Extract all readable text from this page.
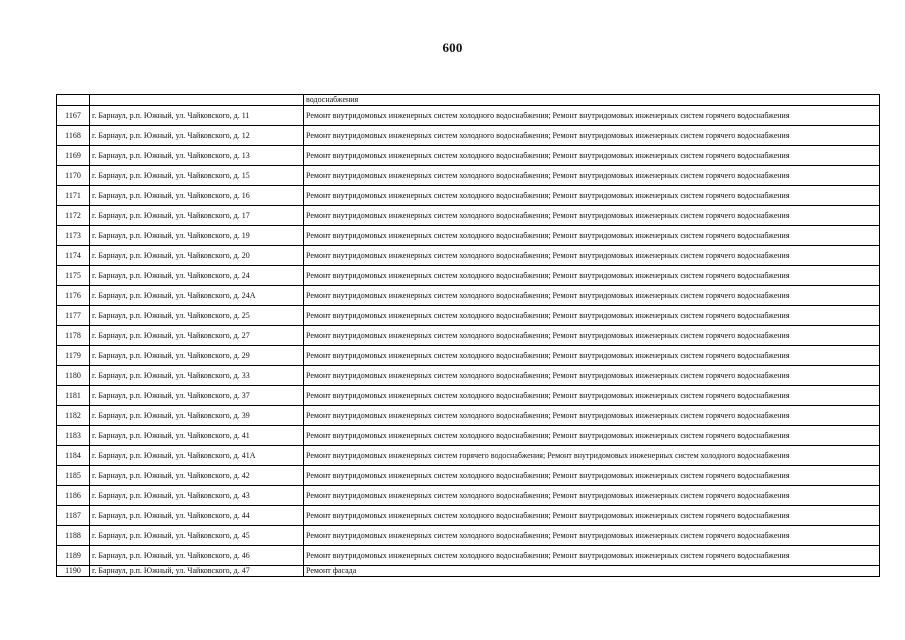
600
		водоснабжения
1167	г. Барнаул, р.п. Южный, ул. Чайковского, д. 11	Ремонт внутридомовых инженерных систем холодного водоснабжения; Ремонт внутридомовых инженерных систем горячего водоснабжения
1168	г. Барнаул, р.п. Южный, ул. Чайковского, д. 12	Ремонт внутридомовых инженерных систем холодного водоснабжения; Ремонт внутридомовых инженерных систем горячего водоснабжения
1169	г. Барнаул, р.п. Южный, ул. Чайковского, д. 13	Ремонт внутридомовых инженерных систем холодного водоснабжения; Ремонт внутридомовых инженерных систем горячего водоснабжения
1170	г. Барнаул, р.п. Южный, ул. Чайковского, д. 15	Ремонт внутридомовых инженерных систем холодного водоснабжения; Ремонт внутридомовых инженерных систем горячего водоснабжения
1171	г. Барнаул, р.п. Южный, ул. Чайковского, д. 16	Ремонт внутридомовых инженерных систем холодного водоснабжения; Ремонт внутридомовых инженерных систем горячего водоснабжения
1172	г. Барнаул, р.п. Южный, ул. Чайковского, д. 17	Ремонт внутридомовых инженерных систем холодного водоснабжения; Ремонт внутридомовых инженерных систем горячего водоснабжения
1173	г. Барнаул, р.п. Южный, ул. Чайковского, д. 19	Ремонт внутридомовых инженерных систем холодного водоснабжения; Ремонт внутридомовых инженерных систем горячего водоснабжения
1174	г. Барнаул, р.п. Южный, ул. Чайковского, д. 20	Ремонт внутридомовых инженерных систем холодного водоснабжения; Ремонт внутридомовых инженерных систем горячего водоснабжения
1175	г. Барнаул, р.п. Южный, ул. Чайковского, д. 24	Ремонт внутридомовых инженерных систем холодного водоснабжения; Ремонт внутридомовых инженерных систем горячего водоснабжения
1176	г. Барнаул, р.п. Южный, ул. Чайковского, д. 24А	Ремонт внутридомовых инженерных систем холодного водоснабжения; Ремонт внутридомовых инженерных систем горячего водоснабжения
1177	г. Барнаул, р.п. Южный, ул. Чайковского, д. 25	Ремонт внутридомовых инженерных систем холодного водоснабжения; Ремонт внутридомовых инженерных систем горячего водоснабжения
1178	г. Барнаул, р.п. Южный, ул. Чайковского, д. 27	Ремонт внутридомовых инженерных систем холодного водоснабжения; Ремонт внутридомовых инженерных систем горячего водоснабжения
1179	г. Барнаул, р.п. Южный, ул. Чайковского, д. 29	Ремонт внутридомовых инженерных систем холодного водоснабжения; Ремонт внутридомовых инженерных систем горячего водоснабжения
1180	г. Барнаул, р.п. Южный, ул. Чайковского, д. 33	Ремонт внутридомовых инженерных систем холодного водоснабжения; Ремонт внутридомовых инженерных систем горячего водоснабжения
1181	г. Барнаул, р.п. Южный, ул. Чайковского, д. 37	Ремонт внутридомовых инженерных систем холодного водоснабжения; Ремонт внутридомовых инженерных систем горячего водоснабжения
1182	г. Барнаул, р.п. Южный, ул. Чайковского, д. 39	Ремонт внутридомовых инженерных систем холодного водоснабжения; Ремонт внутридомовых инженерных систем горячего водоснабжения
1183	г. Барнаул, р.п. Южный, ул. Чайковского, д. 41	Ремонт внутридомовых инженерных систем холодного водоснабжения; Ремонт внутридомовых инженерных систем горячего водоснабжения
1184	г. Барнаул, р.п. Южный, ул. Чайковского, д. 41А	Ремонт внутридомовых инженерных систем горячего водоснабжения; Ремонт внутридомовых инженерных систем холодного водоснабжения
1185	г. Барнаул, р.п. Южный, ул. Чайковского, д. 42	Ремонт внутридомовых инженерных систем холодного водоснабжения; Ремонт внутридомовых инженерных систем горячего водоснабжения
1186	г. Барнаул, р.п. Южный, ул. Чайковского, д. 43	Ремонт внутридомовых инженерных систем холодного водоснабжения; Ремонт внутридомовых инженерных систем горячего водоснабжения
1187	г. Барнаул, р.п. Южный, ул. Чайковского, д. 44	Ремонт внутридомовых инженерных систем холодного водоснабжения; Ремонт внутридомовых инженерных систем горячего водоснабжения
1188	г. Барнаул, р.п. Южный, ул. Чайковского, д. 45	Ремонт внутридомовых инженерных систем холодного водоснабжения; Ремонт внутридомовых инженерных систем горячего водоснабжения
1189	г. Барнаул, р.п. Южный, ул. Чайковского, д. 46	Ремонт внутридомовых инженерных систем холодного водоснабжения; Ремонт внутридомовых инженерных систем горячего водоснабжения
1190	г. Барнаул, р.п. Южный, ул. Чайковского, д. 47	Ремонт фасада
